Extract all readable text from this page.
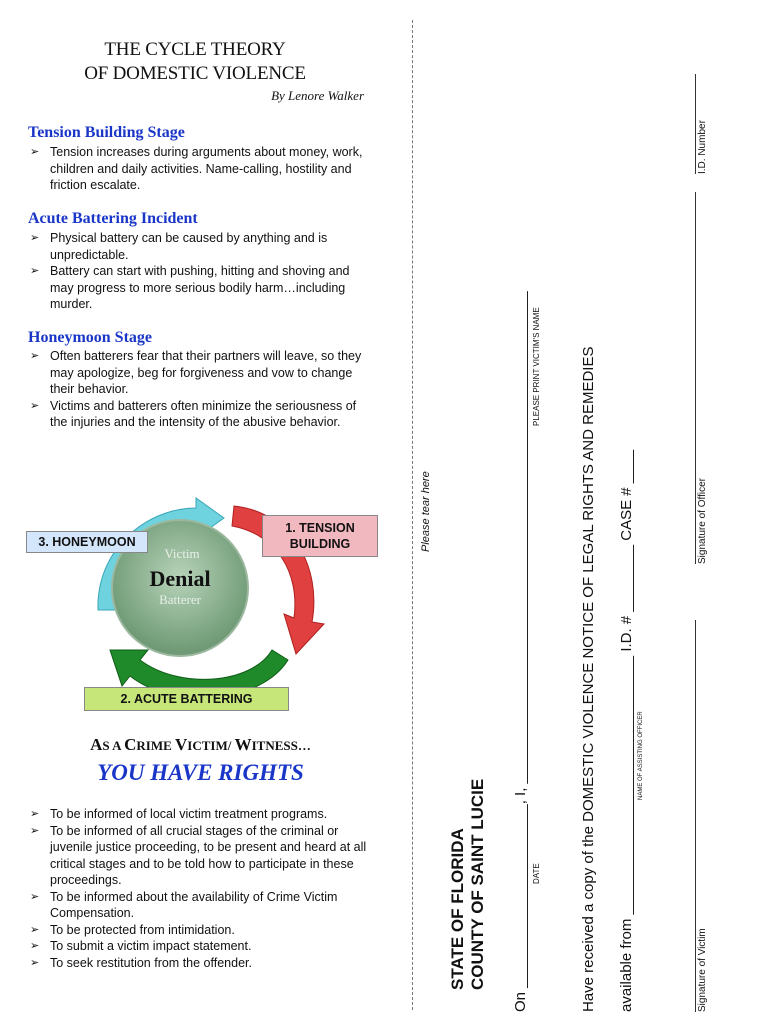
THE CYCLE THEORY
OF DOMESTIC VIOLENCE
By Lenore Walker
Tension Building Stage
➢ Tension increases during arguments about money, work, children and daily activities. Name-calling, hostility and friction escalate.
Acute Battering Incident
➢ Physical battery can be caused by anything and is unpredictable.
➢ Battery can start with pushing, hitting and shoving and may progress to more serious bodily harm…including murder.
Honeymoon Stage
➢ Often batterers fear that their partners will leave, so they may apologize, beg for forgiveness and vow to change their behavior.
➢ Victims and batterers often minimize the seriousness of the injuries and the intensity of the abusive behavior.
Victim
Denial
Batterer
3. HONEYMOON
1. TENSION BUILDING
2. ACUTE BATTERING
AS A CRIME VICTIM/ WITNESS…
YOU HAVE RIGHTS
➢ To be informed of local victim treatment programs.
➢ To be informed of all crucial stages of the criminal or juvenile justice proceeding, to be present and heard at all critical stages and to be told how to participate in these proceedings.
➢ To be informed about the availability of Crime Victim Compensation.
➢ To be protected from intimidation.
➢ To submit a victim impact statement.
➢ To seek restitution from the offender.
Please tear here
STATE OF FLORIDA COUNTY OF SAINT LUCIE On ______________________, I, ___________________________________________________________ DATE
PLEASE PRINT VICTIM'S NAME	Have received a copy of the DOMESTIC VIOLENCE NOTICE OF LEGAL RIGHTS AND REMEDIES available from _______________________________ I.D. # ________ CASE # ____ NAME OF ASSISTING OFFICER
Signature of Victim
Signature of Officer
I.D. Number
